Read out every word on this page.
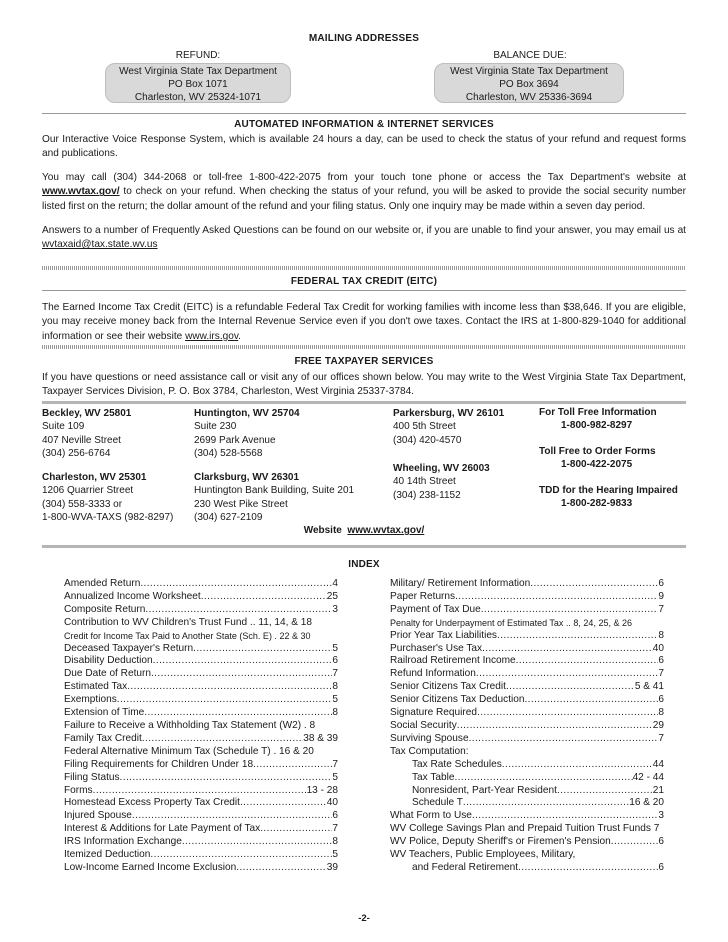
MAILING ADDRESSES
REFUND:
West Virginia State Tax Department
PO Box 1071
Charleston, WV 25324-1071
BALANCE DUE:
West Virginia State Tax Department
PO Box 3694
Charleston, WV 25336-3694
AUTOMATED INFORMATION & INTERNET SERVICES
Our Interactive Voice Response System, which is available 24 hours a day, can be used to check the status of your refund and request forms and publications.
You may call (304) 344-2068 or toll-free 1-800-422-2075 from your touch tone phone or access the Tax Department's website at www.wvtax.gov/ to check on your refund. When checking the status of your refund, you will be asked to provide the social security number listed first on the return; the dollar amount of the refund and your filing status. Only one inquiry may be made within a seven day period.
Answers to a number of Frequently Asked Questions can be found on our website or, if you are unable to find your answer, you may email us at wvtaxaid@tax.state.wv.us
FEDERAL TAX CREDIT (EITC)
The Earned Income Tax Credit (EITC) is a refundable Federal Tax Credit for working families with income less than $38,646. If you are eligible, you may receive money back from the Internal Revenue Service even if you don't owe taxes. Contact the IRS at 1-800-829-1040 for additional information or see their website www.irs.gov.
FREE TAXPAYER SERVICES
If you have questions or need assistance call or visit any of our offices shown below. You may write to the West Virginia State Tax Department, Taxpayer Services Division, P. O. Box 3784, Charleston, West Virginia 25337-3784.
Beckley, WV 25801
Suite 109
407 Neville Street
(304) 256-6764
Huntington, WV 25704
Suite 230
2699 Park Avenue
(304) 528-5568
Parkersburg, WV 26101
400 5th Street
(304) 420-4570
For Toll Free Information
1-800-982-8297
Toll Free to Order Forms
1-800-422-2075
TDD for the Hearing Impaired
1-800-282-9833
Wheeling, WV 26003
40 14th Street
(304) 238-1152
Charleston, WV 25301
1206 Quarrier Street
(304) 558-3333 or
1-800-WVA-TAXS (982-8297)
Clarksburg, WV 26301
Huntington Bank Building, Suite 201
230 West Pike Street
(304) 627-2109
Website www.wvtax.gov/
INDEX
Amended Return .....	4
Annualized Income Worksheet .....	25
Composite Return .....	3
Contribution to WV Children's Trust Fund .. 11, 14, & 18
Credit for Income Tax Paid to Another State (Sch. E) . 22 & 30
Deceased Taxpayer's Return .....	5
Disability Deduction .....	6
Due Date of Return .....	7
Estimated Tax .....	8
Exemptions .....	5
Extension of Time .....	8
Failure to Receive a Withholding Tax Statement (W2) . 8
Family Tax Credit .....	38 & 39
Federal Alternative Minimum Tax (Schedule T) . 16 & 20
Filing Requirements for Children Under 18 .....	7
Filing Status .....	5
Forms .....	13 - 28
Homestead Excess Property Tax Credit .....	40
Injured Spouse .....	6
Interest & Additions for Late Payment of Tax .....	7
IRS Information Exchange .....	8
Itemized Deduction .....	5
Low-Income Earned Income Exclusion .....	39
Military/ Retirement Information .....	6
Paper Returns .....	9
Payment of Tax Due .....	7
Penalty for Underpayment of Estimated Tax .. 8, 24, 25, & 26
Prior Year Tax Liabilities .....	8
Purchaser's Use Tax .....	40
Railroad Retirement Income .....	6
Refund Information .....	7
Senior Citizens Tax Credit .....	5 & 41
Senior Citizens Tax Deduction .....	6
Signature Required .....	8
Social Security .....	29
Surviving Spouse .....	7
Tax Computation:
Tax Rate Schedules .....	44
Tax Table .....	42 - 44
Nonresident, Part-Year Resident .....	21
Schedule T .....	16 & 20
What Form to Use .....	3
WV College Savings Plan and Prepaid Tuition Trust Funds 7
WV Police, Deputy Sheriff's or Firemen's Pension .....	6
WV Teachers, Public Employees, Military,
and Federal Retirement .....	6
-2-
